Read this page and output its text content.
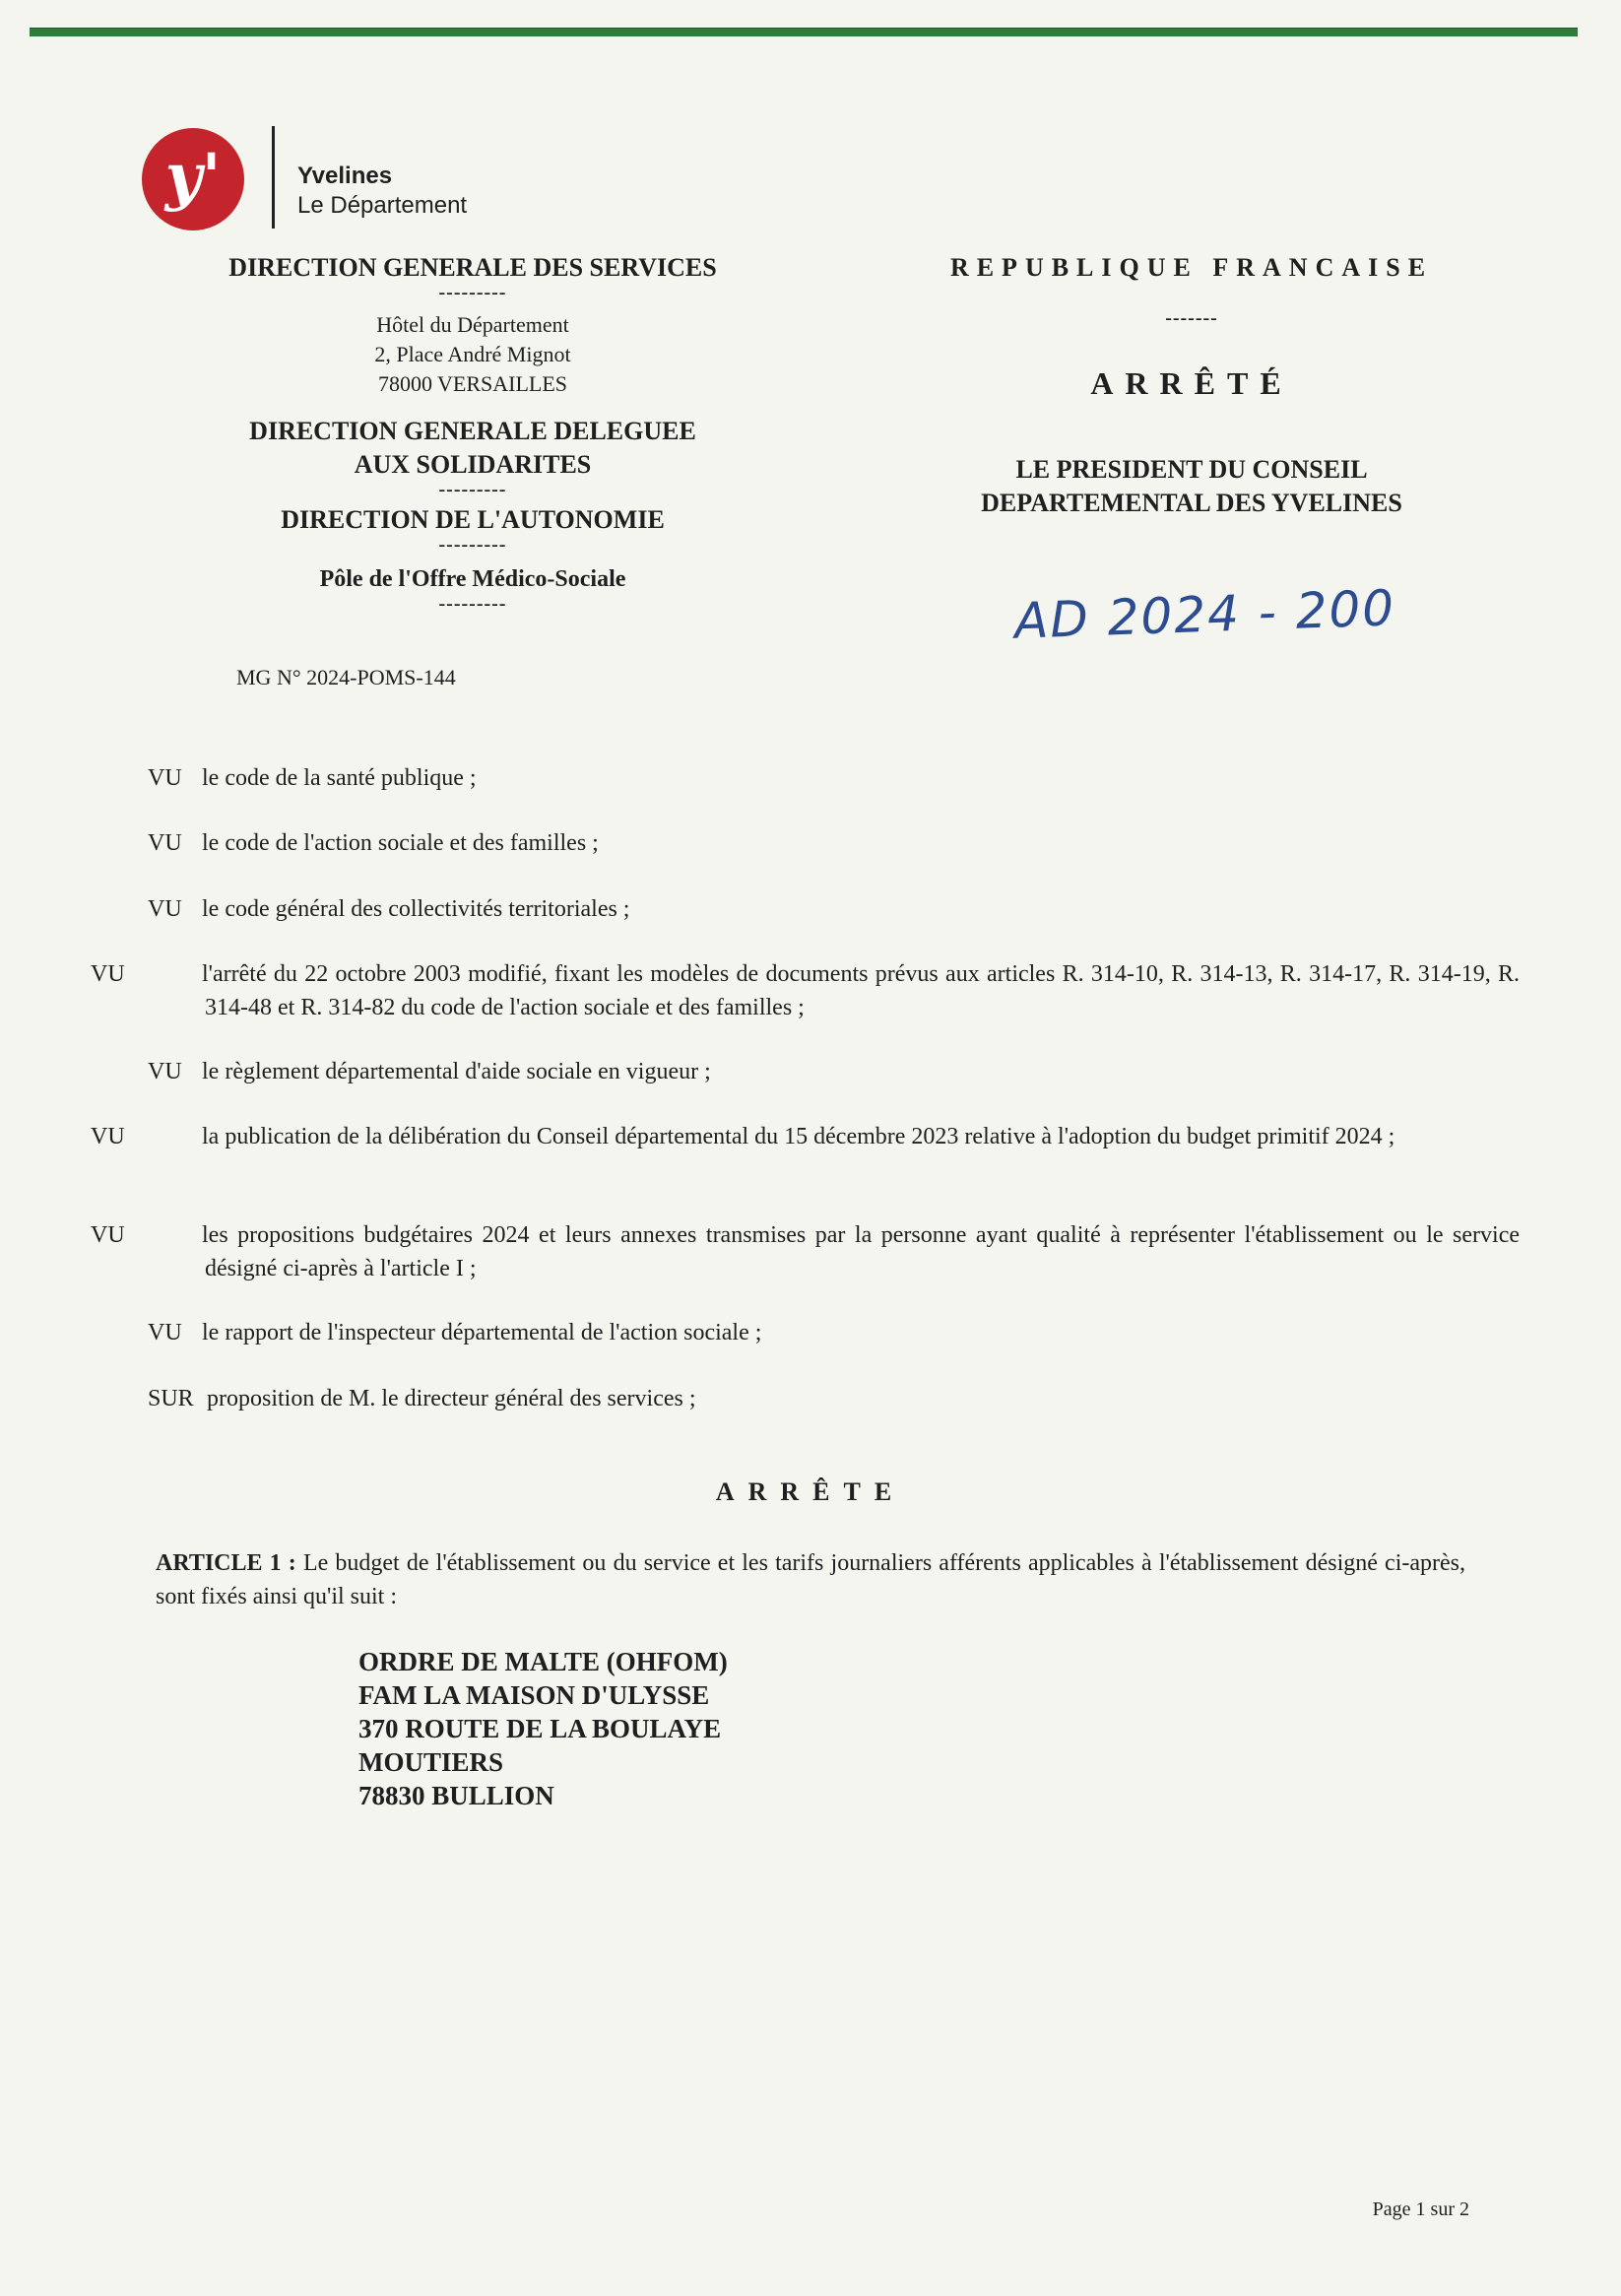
y'	Yvelines
Le Département
DIRECTION GENERALE DES SERVICES
---------
Hôtel du Département
2, Place André Mignot
78000 VERSAILLES
DIRECTION GENERALE DELEGUEE
AUX SOLIDARITES
---------
DIRECTION DE L'AUTONOMIE
---------
Pôle de l'Offre Médico-Sociale
---------
MG N° 2024-POMS-144
REPUBLIQUE FRANCAISE
-------
ARRÊTÉ
LE PRESIDENT DU CONSEIL
DEPARTEMENTAL DES YVELINES
AD 2024 - 200
VU le code de la santé publique ;
VU le code de l'action sociale et des familles ;
VU le code général des collectivités territoriales ;
VU	l'arrêté du 22 octobre 2003 modifié, fixant les modèles de documents prévus aux articles R. 314-10, R. 314-13, R. 314-17, R. 314-19, R. 314-48 et R. 314-82 du code de l'action sociale et des familles ;
VU le règlement départemental d'aide sociale en vigueur ;
VU	la publication de la délibération du Conseil départemental du 15 décembre 2023 relative à l'adoption du budget primitif 2024 ;
VU	les propositions budgétaires 2024 et leurs annexes transmises par la personne ayant qualité à représenter l'établissement ou le service désigné ci-après à l'article I ;
VU le rapport de l'inspecteur départemental de l'action sociale ;
SUR proposition de M. le directeur général des services ;
ARRÊTE
ARTICLE 1 : Le budget de l'établissement ou du service et les tarifs journaliers afférents applicables à l'établissement désigné ci-après, sont fixés ainsi qu'il suit :
ORDRE DE MALTE (OHFOM)
FAM LA MAISON D'ULYSSE
370 ROUTE DE LA BOULAYE
MOUTIERS
78830 BULLION
Page 1 sur 2
